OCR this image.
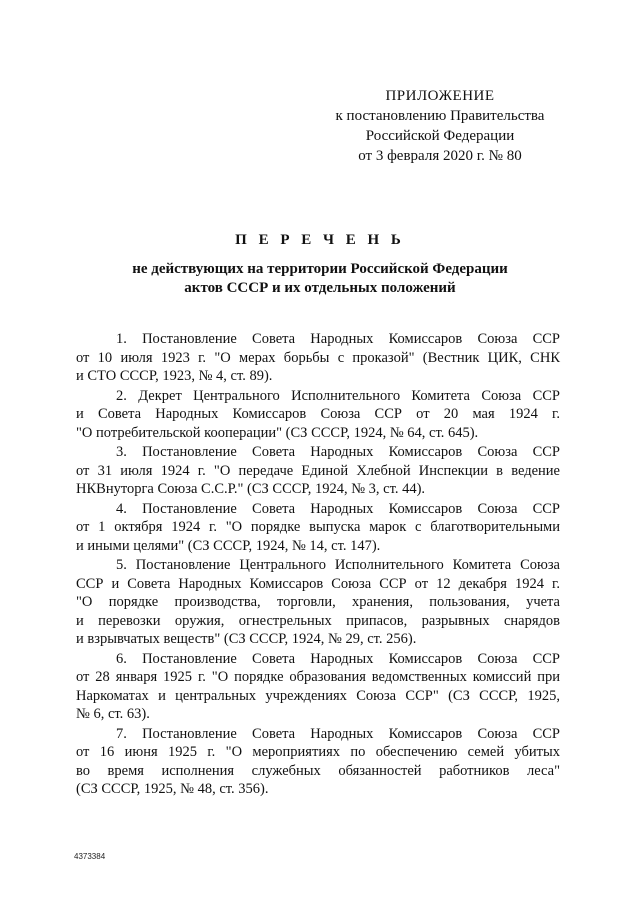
ПРИЛОЖЕНИЕ
к постановлению Правительства
Российской Федерации
от 3 февраля 2020 г. № 80
П Е Р Е Ч Е Н Ь
не действующих на территории Российской Федерации
актов СССР и их отдельных положений
1. Постановление Совета Народных Комиссаров Союза ССР
от 10 июля 1923 г. "О мерах борьбы с проказой" (Вестник ЦИК, СНК
и СТО СССР, 1923, № 4, ст. 89).
2. Декрет Центрального Исполнительного Комитета Союза ССР
и Совета Народных Комиссаров Союза ССР от 20 мая 1924 г.
"О потребительской кооперации" (СЗ СССР, 1924, № 64, ст. 645).
3. Постановление Совета Народных Комиссаров Союза ССР
от 31 июля 1924 г. "О передаче Единой Хлебной Инспекции в ведение
НКВнуторга Союза С.С.Р." (СЗ СССР, 1924, № 3, ст. 44).
4. Постановление Совета Народных Комиссаров Союза ССР
от 1 октября 1924 г. "О порядке выпуска марок с благотворительными
и иными целями" (СЗ СССР, 1924, № 14, ст. 147).
5. Постановление Центрального Исполнительного Комитета Союза
ССР и Совета Народных Комиссаров Союза ССР от 12 декабря 1924 г.
"О порядке производства, торговли, хранения, пользования, учета
и перевозки оружия, огнестрельных припасов, разрывных снарядов
и взрывчатых веществ" (СЗ СССР, 1924, № 29, ст. 256).
6. Постановление Совета Народных Комиссаров Союза ССР
от 28 января 1925 г. "О порядке образования ведомственных комиссий при
Наркоматах и центральных учреждениях Союза ССР" (СЗ СССР, 1925,
№ 6, ст. 63).
7. Постановление Совета Народных Комиссаров Союза ССР
от 16 июня 1925 г. "О мероприятиях по обеспечению семей убитых
во время исполнения служебных обязанностей работников леса"
(СЗ СССР, 1925, № 48, ст. 356).
4373384
